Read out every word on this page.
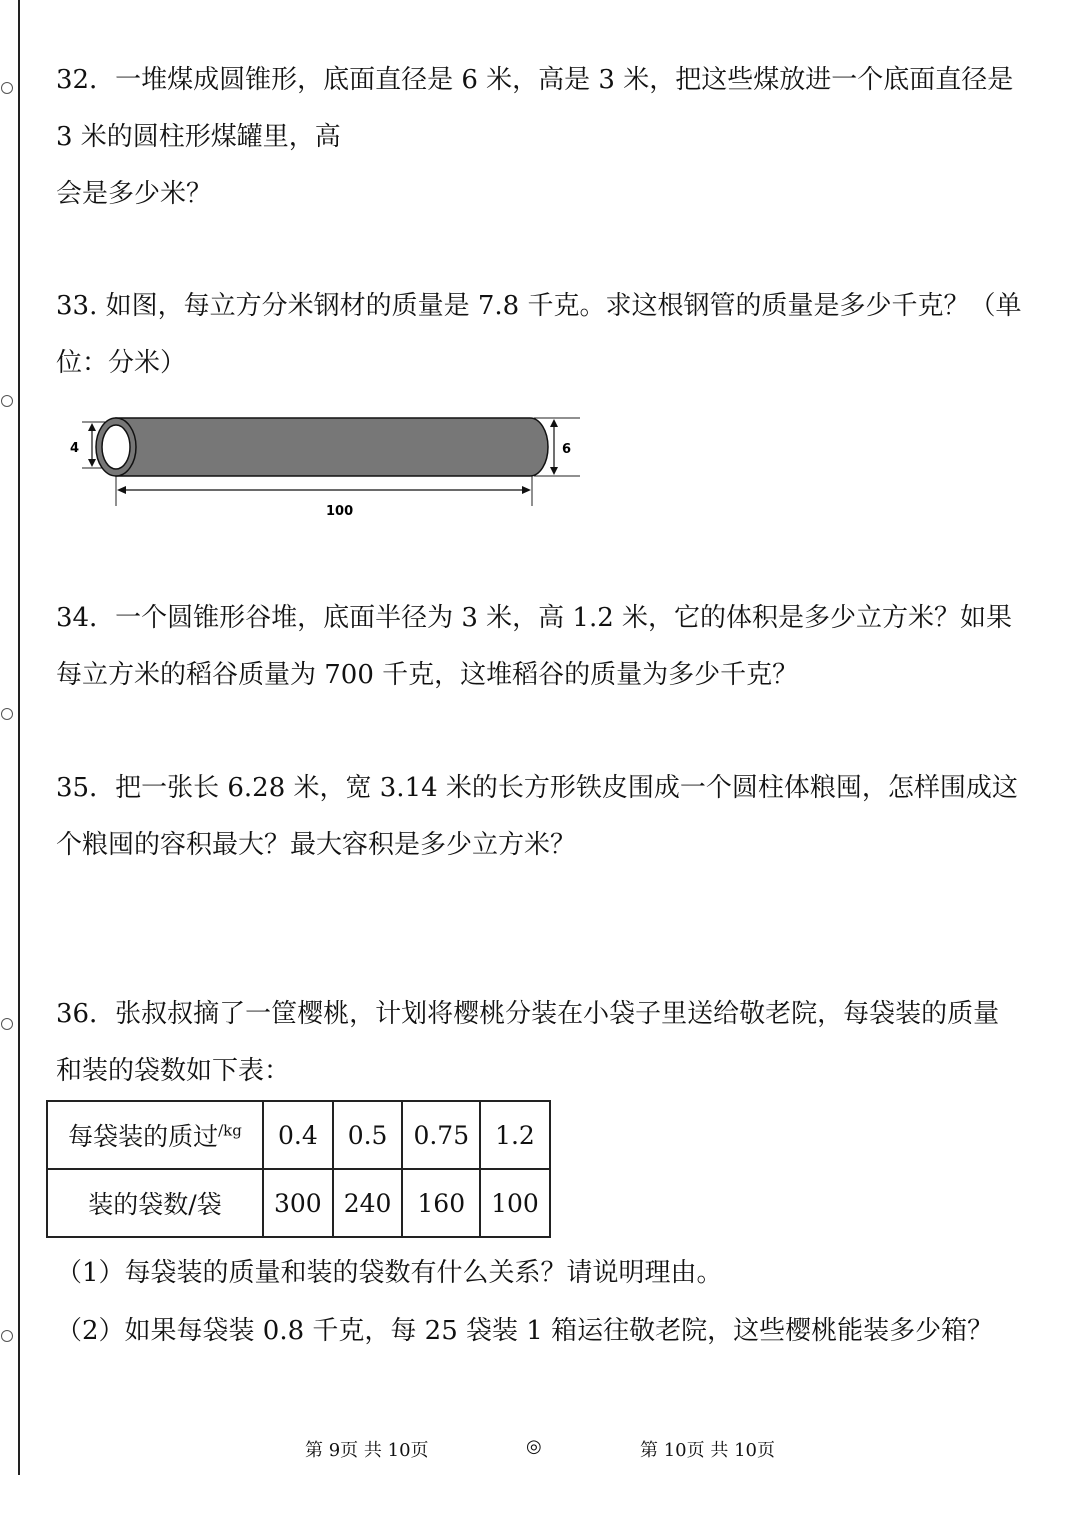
32．一堆煤成圆锥形，底面直径是 6 米，高是 3 米，把这些煤放进一个底面直径是

3 米的圆柱形煤罐里，高

会是多少米？

33. 如图，每立方分米钢材的质量是 7.8 千克。求这根钢管的质量是多少千克？（单

位：分米）

4	6
100

34．一个圆锥形谷堆，底面半径为 3 米，高 1.2 米，它的体积是多少立方米？如果

每立方米的稻谷质量为 700 千克，这堆稻谷的质量为多少千克？

35．把一张长 6.28 米，宽 3.14 米的长方形铁皮围成一个圆柱体粮囤，怎样围成这

个粮囤的容积最大？最大容积是多少立方米？

36．张叔叔摘了一筐樱桃，计划将樱桃分装在小袋子里送给敬老院，每袋装的质量

和装的袋数如下表：

每袋装的质过$^{/kg}$	0.4	0.5	0.75	1.2
装的袋数/袋	300	240	160	100

（1）每袋装的质量和装的袋数有什么关系？请说明理由。

（2）如果每袋装 0.8 千克，每 25 袋装 1 箱运往敬老院，这些樱桃能装多少箱？

第 9页 共 10页	◎	第 10页 共 10页
